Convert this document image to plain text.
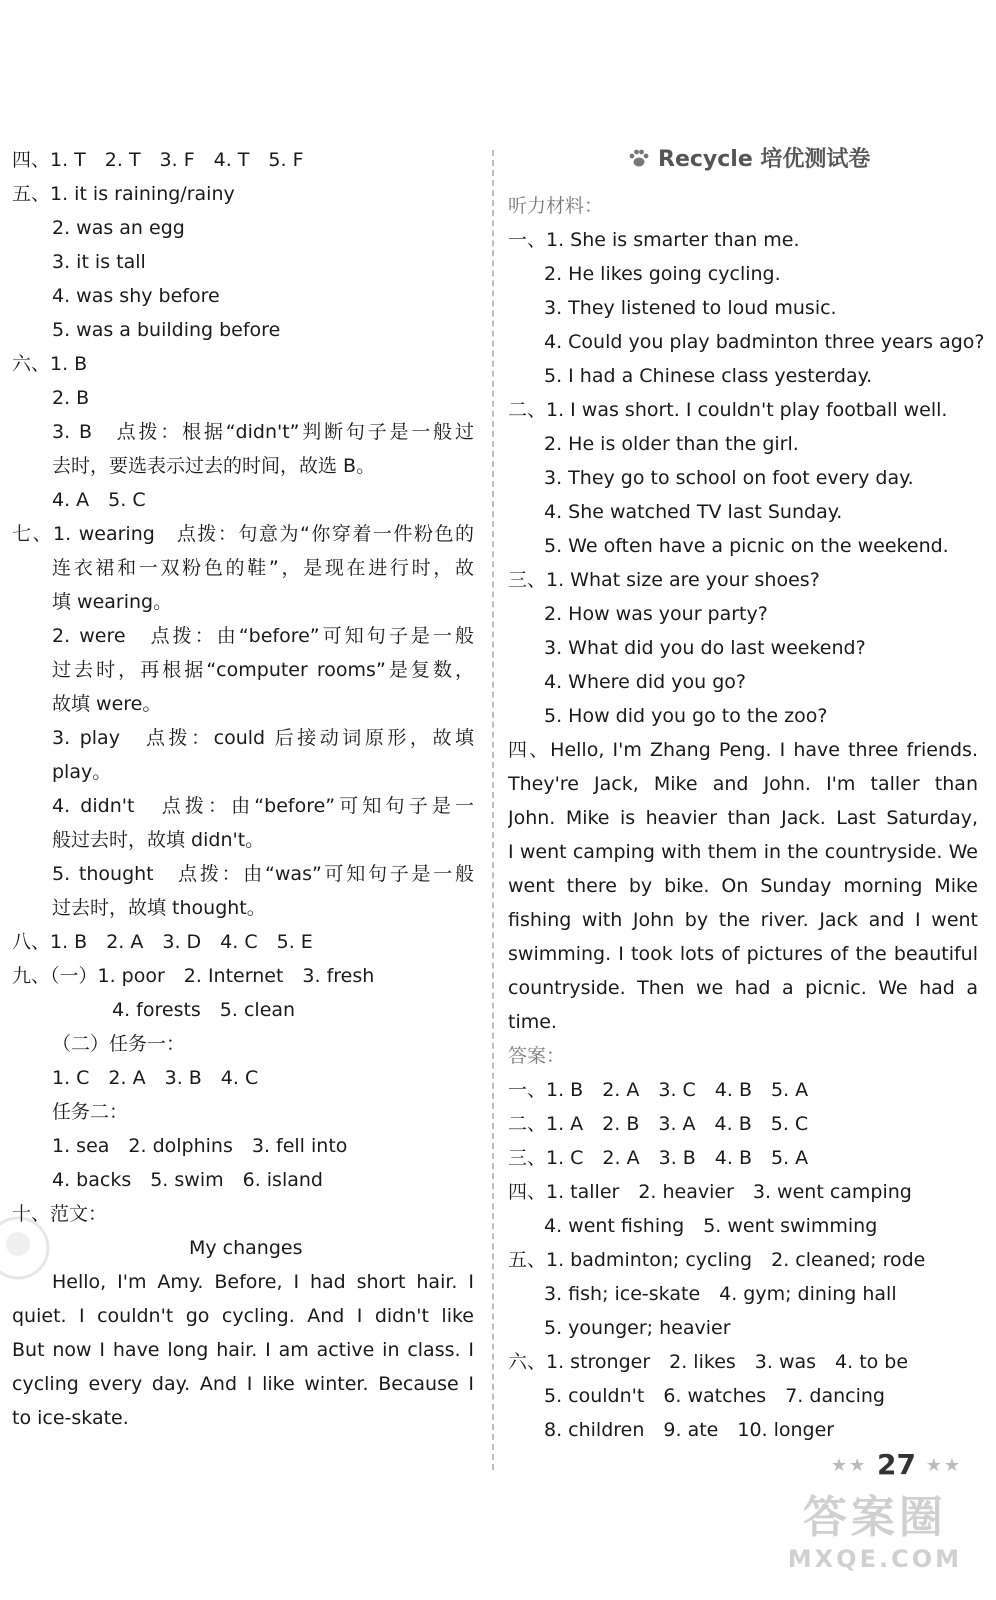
四、1. T　2. T　3. F　4. T　5. F
五、1. it is raining/rainy
2. was an egg
3. it is tall
4. was shy before
5. was a building before
六、1. B
2. B
3. B　点拨：根据“didn't”判断句子是一般过
去时，要选表示过去的时间，故选 B。
4. A　5. C
七、1. wearing　点拨：句意为“你穿着一件粉色的
连衣裙和一双粉色的鞋”，是现在进行时，故
填 wearing。
2. were　点拨：由“before”可知句子是一般
过去时，再根据“computer rooms”是复数，
故填 were。
3. play　点拨：could 后接动词原形，故填
play。
4. didn't　点拨：由“before”可知句子是一
般过去时，故填 didn't。
5. thought　点拨：由“was”可知句子是一般
过去时，故填 thought。
八、1. B　2. A　3. D　4. C　5. E
九、（一）1. poor　2. Internet　3. fresh
4. forests　5. clean
（二）任务一：
1. C　2. A　3. B　4. C
任务二：
1. sea　2. dolphins　3. fell into
4. backs　5. swim　6. island
十、范文：
My changes
Hello, I'm Amy. Before, I had short hair. I
quiet. I couldn't go cycling. And I didn't like
But now I have long hair. I am active in class. I
cycling every day. And I like winter. Because I
to ice-skate.
Recycle 培优测试卷
听力材料：
一、1. She is smarter than me.
2. He likes going cycling.
3. They listened to loud music.
4. Could you play badminton three years ago?
5. I had a Chinese class yesterday.
二、1. I was short. I couldn't play football well.
2. He is older than the girl.
3. They go to school on foot every day.
4. She watched TV last Sunday.
5. We often have a picnic on the weekend.
三、1. What size are your shoes?
2. How was your party?
3. What did you do last weekend?
4. Where did you go?
5. How did you go to the zoo?
四、Hello, I'm Zhang Peng. I have three friends.
They're Jack, Mike and John. I'm taller than
John. Mike is heavier than Jack. Last Saturday,
I went camping with them in the countryside. We
went there by bike. On Sunday morning Mike
fishing with John by the river. Jack and I went
swimming. I took lots of pictures of the beautiful
countryside. Then we had a picnic. We had a
time.
答案：
一、1. B　2. A　3. C　4. B　5. A
二、1. A　2. B　3. A　4. B　5. C
三、1. C　2. A　3. B　4. B　5. A
四、1. taller　2. heavier　3. went camping
4. went fishing　5. went swimming
五、1. badminton; cycling　2. cleaned; rode
3. fish; ice-skate　4. gym; dining hall
5. younger; heavier
六、1. stronger　2. likes　3. was　4. to be
5. couldn't　6. watches　7. dancing
8. children　9. ate　10. longer
★★ 27 ★★
答案圈
MXQE.COM
